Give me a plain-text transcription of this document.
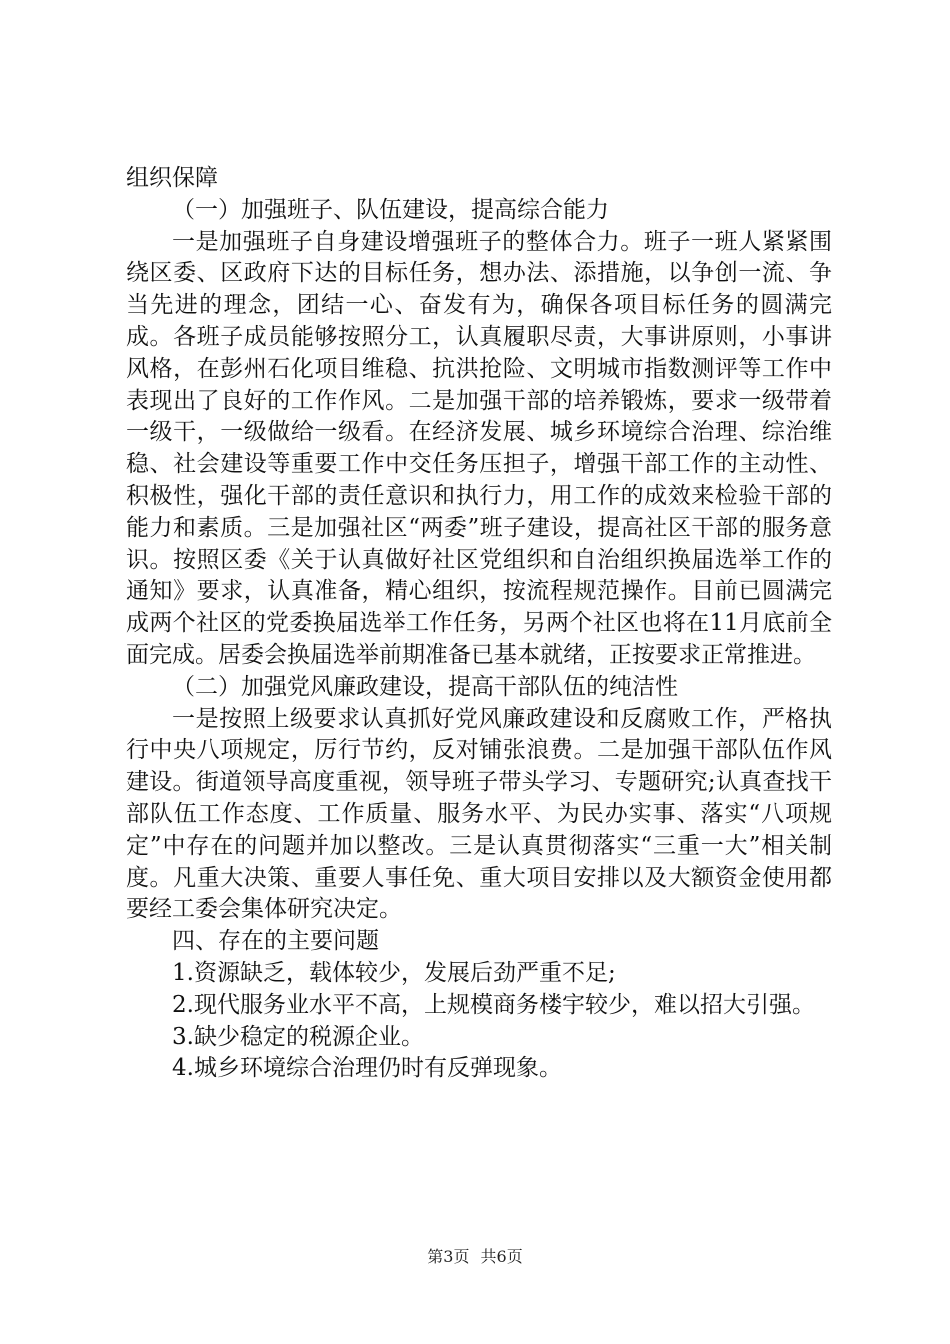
组织保障

（一）加强班子、队伍建设，提高综合能力

一是加强班子自身建设增强班子的整体合力。班子一班人紧紧围绕区委、区政府下达的目标任务，想办法、添措施，以争创一流、争当先进的理念，团结一心、奋发有为，确保各项目标任务的圆满完成。各班子成员能够按照分工，认真履职尽责，大事讲原则，小事讲风格，在彭州石化项目维稳、抗洪抢险、文明城市指数测评等工作中表现出了良好的工作作风。二是加强干部的培养锻炼，要求一级带着一级干，一级做给一级看。在经济发展、城乡环境综合治理、综治维稳、社会建设等重要工作中交任务压担子，增强干部工作的主动性、积极性，强化干部的责任意识和执行力，用工作的成效来检验干部的能力和素质。三是加强社区“两委”班子建设，提高社区干部的服务意识。按照区委《关于认真做好社区党组织和自治组织换届选举工作的通知》要求，认真准备，精心组织，按流程规范操作。目前已圆满完成两个社区的党委换届选举工作任务，另两个社区也将在11月底前全面完成。居委会换届选举前期准备已基本就绪，正按要求正常推进。

（二）加强党风廉政建设，提高干部队伍的纯洁性

一是按照上级要求认真抓好党风廉政建设和反腐败工作，严格执行中央八项规定，厉行节约，反对铺张浪费。二是加强干部队伍作风建设。街道领导高度重视，领导班子带头学习、专题研究;认真查找干部队伍工作态度、工作质量、服务水平、为民办实事、落实“八项规定”中存在的问题并加以整改。三是认真贯彻落实“三重一大”相关制度。凡重大决策、重要人事任免、重大项目安排以及大额资金使用都要经工委会集体研究决定。

四、存在的主要问题

1.资源缺乏，载体较少，发展后劲严重不足;

2.现代服务业水平不高，上规模商务楼宇较少，难以招大引强。

3.缺少稳定的税源企业。

4.城乡环境综合治理仍时有反弹现象。

第3页 共6页
